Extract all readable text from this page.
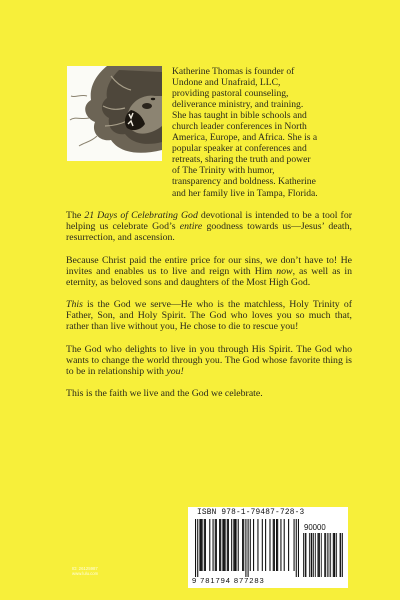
Katherine Thomas is founder of
Undone and Unafraid, LLC,
providing pastoral counseling,
deliverance ministry, and training.
She has taught in bible schools and
church leader conferences in North
America, Europe, and Africa. She is a
popular speaker at conferences and
retreats, sharing the truth and power
of The Trinity with humor,
transparency and boldness. Katherine
and her family live in Tampa, Florida.

The 21 Days of Celebrating God devotional is intended to be a tool for helping us celebrate God’s entire goodness towards us—Jesus’ death, resurrection, and ascension.

Because Christ paid the entire price for our sins, we don’t have to! He invites and enables us to live and reign with Him now, as well as in eternity, as beloved sons and daughters of the Most High God.

This is the God we serve—He who is the matchless, Holy Trinity of Father, Son, and Holy Spirit. The God who loves you so much that, rather than live without you, He chose to die to rescue you!

The God who delights to live in you through His Spirit. The God who wants to change the world through you. The God whose favorite thing is to be in relationship with you!

This is the faith we live and the God we celebrate.

ID: 26125987
www.lulu.com
ISBN 978-1-79487-728-3
90000
9 781794 877283
